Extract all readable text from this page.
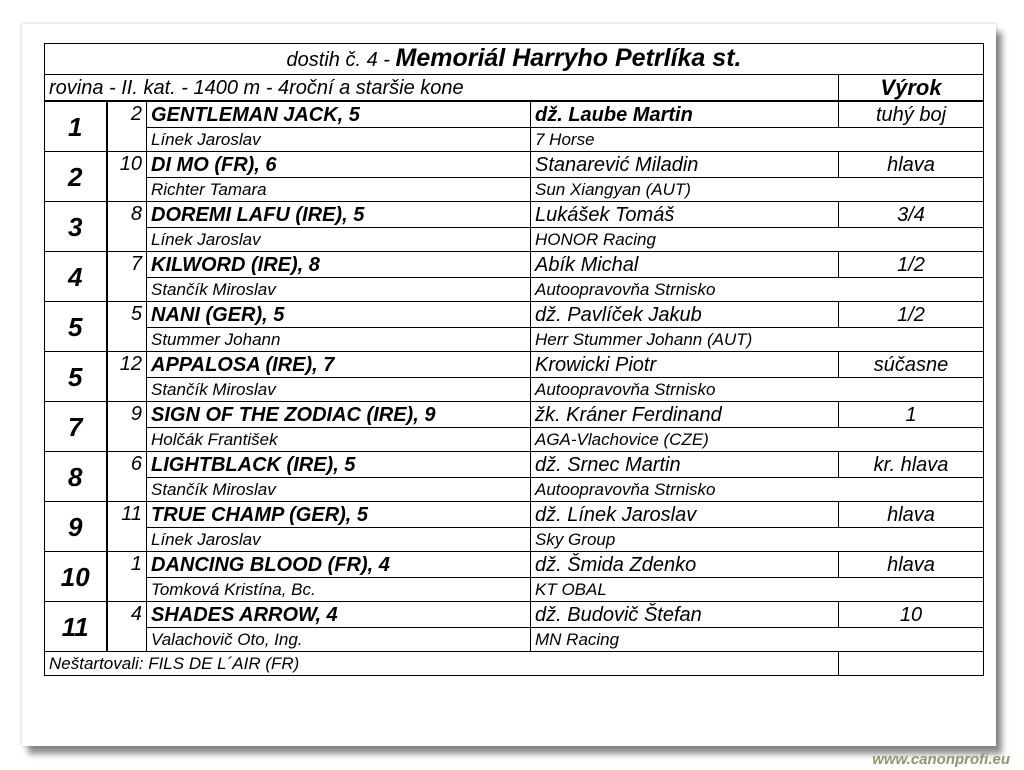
dostih č. 4 - Memoriál Harryho Petrlíka st.				
rovina - II. kat. - 1400 m - 4roční a staršie kone				Výrok
1	2	GENTLEMAN JACK, 5	dž. Laube Martin	tuhý boj
		Línek Jaroslav	7 Horse	
2	10	DI MO (FR), 6	Stanarević Miladin	hlava
		Richter Tamara	Sun Xiangyan (AUT)	
3	8	DOREMI LAFU (IRE), 5	Lukášek Tomáš	3/4
		Línek Jaroslav	HONOR Racing	
4	7	KILWORD (IRE), 8	Abík Michal	1/2
		Stančík Miroslav	Autoopravovňa Strnisko	
5	5	NANI (GER), 5	dž. Pavlíček Jakub	1/2
		Stummer Johann	Herr Stummer Johann (AUT)	
5	12	APPALOSA (IRE), 7	Krowicki Piotr	súčasne
		Stančík Miroslav	Autoopravovňa Strnisko	
7	9	SIGN OF THE ZODIAC (IRE), 9	žk. Kráner Ferdinand	1
		Holčák František	AGA-Vlachovice (CZE)	
8	6	LIGHTBLACK (IRE), 5	dž. Srnec Martin	kr. hlava
		Stančík Miroslav	Autoopravovňa Strnisko	
9	11	TRUE CHAMP (GER), 5	dž. Línek Jaroslav	hlava
		Línek Jaroslav	Sky Group	
10	1	DANCING BLOOD (FR), 4	dž. Šmida Zdenko	hlava
		Tomková Kristína, Bc.	KT OBAL	
11	4	SHADES ARROW, 4	dž. Budovič Štefan	10
		Valachovič Oto, Ing.	MN Racing	
Neštartovali: FILS DE L´AIR (FR)				
www.canonprofi.eu
